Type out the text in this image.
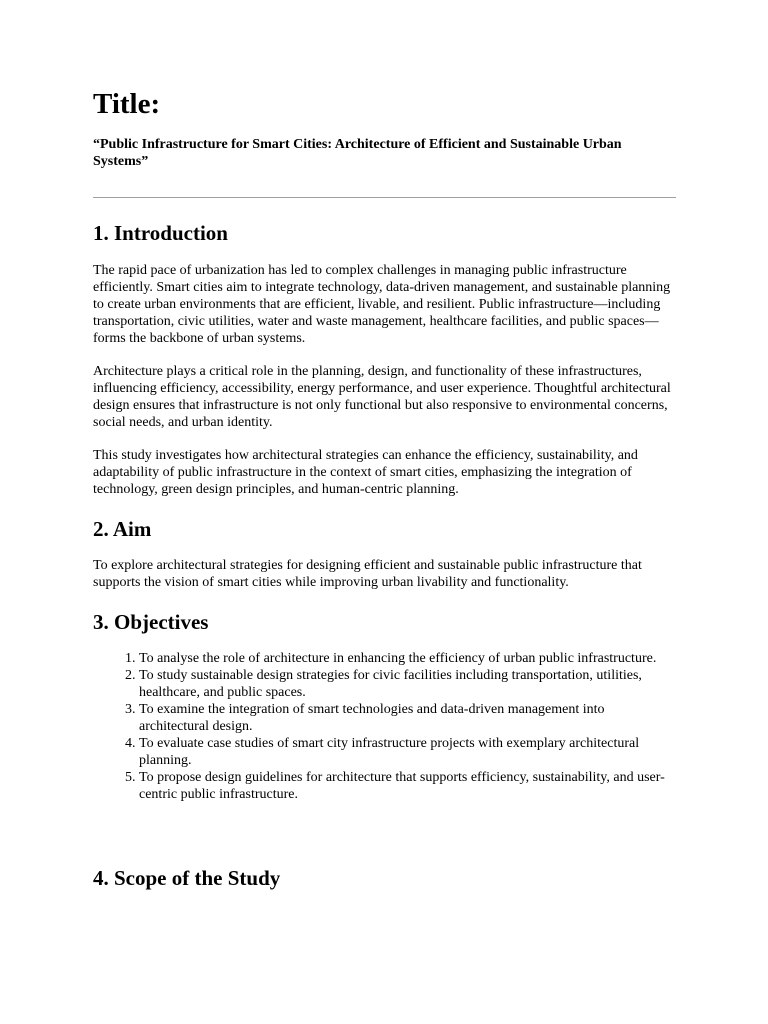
Title:

“Public Infrastructure for Smart Cities: Architecture of Efficient and Sustainable Urban Systems”

1. Introduction

The rapid pace of urbanization has led to complex challenges in managing public infrastructure efficiently. Smart cities aim to integrate technology, data-driven management, and sustainable planning to create urban environments that are efficient, livable, and resilient. Public infrastructure—including transportation, civic utilities, water and waste management, healthcare facilities, and public spaces—forms the backbone of urban systems.

Architecture plays a critical role in the planning, design, and functionality of these infrastructures, influencing efficiency, accessibility, energy performance, and user experience. Thoughtful architectural design ensures that infrastructure is not only functional but also responsive to environmental concerns, social needs, and urban identity.

This study investigates how architectural strategies can enhance the efficiency, sustainability, and adaptability of public infrastructure in the context of smart cities, emphasizing the integration of technology, green design principles, and human-centric planning.

2. Aim

To explore architectural strategies for designing efficient and sustainable public infrastructure that supports the vision of smart cities while improving urban livability and functionality.

3. Objectives
1. To analyse the role of architecture in enhancing the efficiency of urban public infrastructure.
2. To study sustainable design strategies for civic facilities including transportation, utilities, healthcare, and public spaces.
3. To examine the integration of smart technologies and data-driven management into architectural design.
4. To evaluate case studies of smart city infrastructure projects with exemplary architectural planning.
5. To propose design guidelines for architecture that supports efficiency, sustainability, and user-centric public infrastructure.
4. Scope of the Study
